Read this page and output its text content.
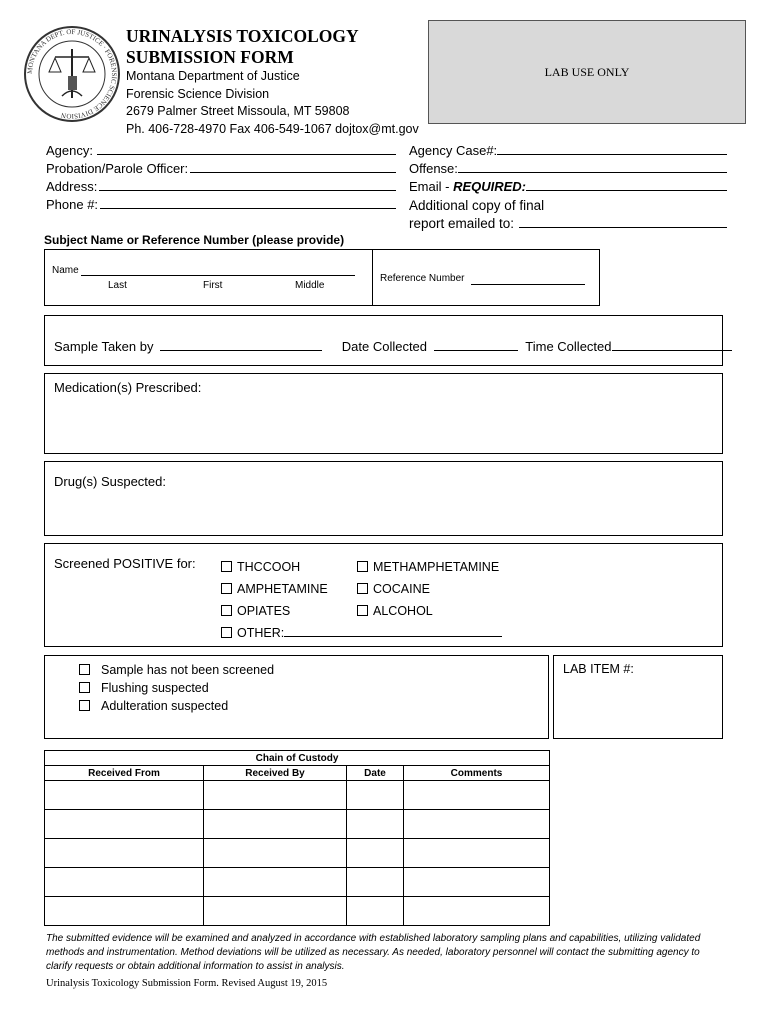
MONTANA DEPT. OF JUSTICE · FORENSIC SCIENCE DIVISION
URINALYSIS TOXICOLOGY
SUBMISSION FORM
Montana Department of Justice
Forensic Science Division
2679 Palmer Street Missoula, MT 59808
Ph. 406-728-4970 Fax 406-549-1067 dojtox@mt.gov
LAB USE ONLY
Agency:
Probation/Parole Officer:
Address:
Phone #:
Agency Case#:
Offense:
Email - REQUIRED:
Additional copy of final
report emailed to:
Subject Name or Reference Number (please provide)
Name
Last	First	Middle
Reference Number
Sample Taken by	Date Collected	Time Collected
Medication(s) Prescribed:
Drug(s) Suspected:
Screened POSITIVE for:	THCCOOH
AMPHETAMINE
OPIATES
OTHER:
METHAMPHETAMINE
COCAINE
ALCOHOL
Sample has not been screened
Flushing suspected
Adulteration suspected
LAB ITEM #:
Chain of Custody			
Received From	Received By	Date	Comments

The submitted evidence will be examined and analyzed in accordance with established laboratory sampling plans and capabilities, utilizing validated methods and instrumentation. Method deviations will be utilized as necessary. As needed, laboratory personnel will contact the submitting agency to clarify requests or obtain additional information to assist in analysis.
Urinalysis Toxicology Submission Form. Revised August 19, 2015
